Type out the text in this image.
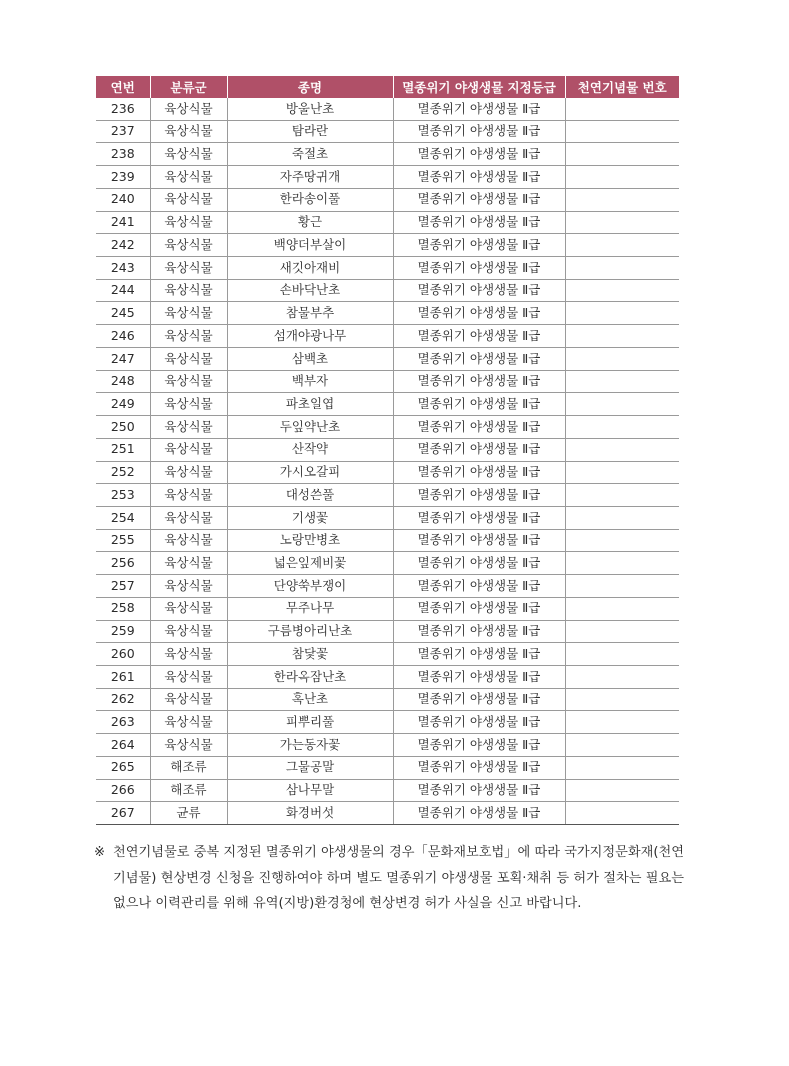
연번	분류군	종명	멸종위기 야생생물 지정등급	천연기념물 번호
236	육상식물	방울난초	멸종위기 야생생물 Ⅱ급	
237	육상식물	탐라란	멸종위기 야생생물 Ⅱ급	
238	육상식물	죽절초	멸종위기 야생생물 Ⅱ급	
239	육상식물	자주땅귀개	멸종위기 야생생물 Ⅱ급	
240	육상식물	한라송이풀	멸종위기 야생생물 Ⅱ급	
241	육상식물	황근	멸종위기 야생생물 Ⅱ급	
242	육상식물	백양더부살이	멸종위기 야생생물 Ⅱ급	
243	육상식물	새깃아재비	멸종위기 야생생물 Ⅱ급	
244	육상식물	손바닥난초	멸종위기 야생생물 Ⅱ급	
245	육상식물	참물부추	멸종위기 야생생물 Ⅱ급	
246	육상식물	섬개야광나무	멸종위기 야생생물 Ⅱ급	
247	육상식물	삼백초	멸종위기 야생생물 Ⅱ급	
248	육상식물	백부자	멸종위기 야생생물 Ⅱ급	
249	육상식물	파초일엽	멸종위기 야생생물 Ⅱ급	
250	육상식물	두잎약난초	멸종위기 야생생물 Ⅱ급	
251	육상식물	산작약	멸종위기 야생생물 Ⅱ급	
252	육상식물	가시오갈피	멸종위기 야생생물 Ⅱ급	
253	육상식물	대성쓴풀	멸종위기 야생생물 Ⅱ급	
254	육상식물	기생꽃	멸종위기 야생생물 Ⅱ급	
255	육상식물	노랑만병초	멸종위기 야생생물 Ⅱ급	
256	육상식물	넓은잎제비꽃	멸종위기 야생생물 Ⅱ급	
257	육상식물	단양쑥부쟁이	멸종위기 야생생물 Ⅱ급	
258	육상식물	무주나무	멸종위기 야생생물 Ⅱ급	
259	육상식물	구름병아리난초	멸종위기 야생생물 Ⅱ급	
260	육상식물	참닻꽃	멸종위기 야생생물 Ⅱ급	
261	육상식물	한라옥잠난초	멸종위기 야생생물 Ⅱ급	
262	육상식물	혹난초	멸종위기 야생생물 Ⅱ급	
263	육상식물	피뿌리풀	멸종위기 야생생물 Ⅱ급	
264	육상식물	가는동자꽃	멸종위기 야생생물 Ⅱ급	
265	해조류	그물공말	멸종위기 야생생물 Ⅱ급	
266	해조류	삼나무말	멸종위기 야생생물 Ⅱ급	
267	균류	화경버섯	멸종위기 야생생물 Ⅱ급	
※ 천연기념물로 중복 지정된 멸종위기 야생생물의 경우「문화재보호법」에 따라 국가지정문화재(천연기념물) 현상변경 신청을 진행하여야 하며 별도 멸종위기 야생생물 포획·채취 등 허가 절차는 필요는 없으나 이력관리를 위해 유역(지방)환경청에 현상변경 허가 사실을 신고 바랍니다.
